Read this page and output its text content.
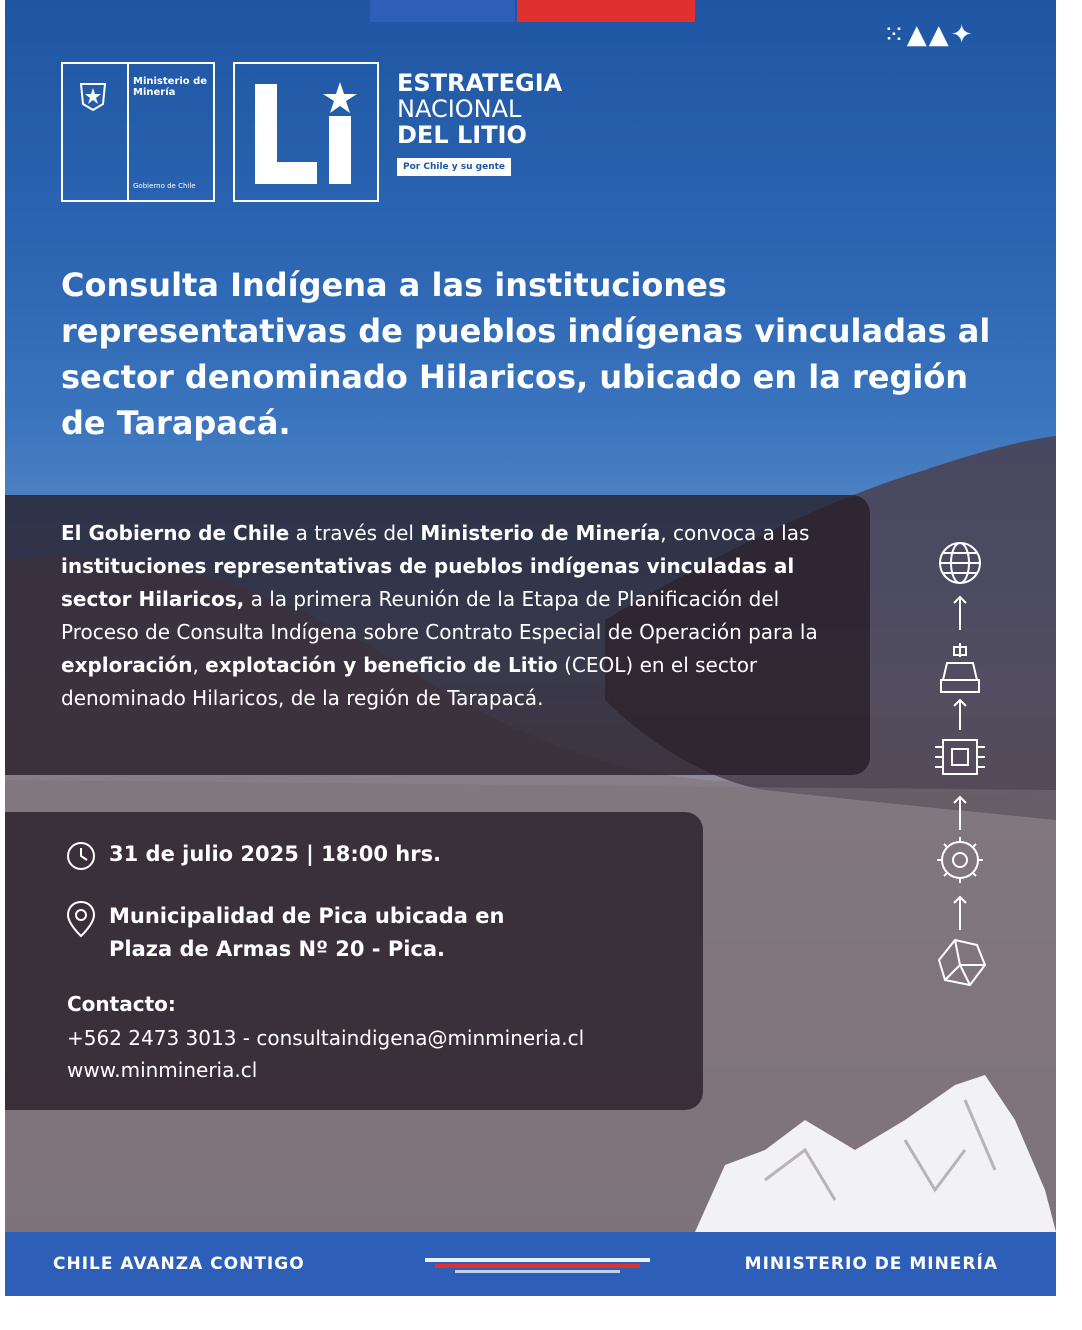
⁙▲▲✦
Ministerio de Minería
Gobierno de Chile
ESTRATEGIA
NACIONAL
DEL LITIO
Por Chile y su gente
Consulta Indígena a las instituciones representativas de pueblos indígenas vinculadas al sector denominado Hilaricos, ubicado en la región de Tarapacá.
El Gobierno de Chile a través del Ministerio de Minería, convoca a las instituciones representativas de pueblos indígenas vinculadas al sector Hilaricos, a la primera Reunión de la Etapa de Planificación del Proceso de Consulta Indígena sobre Contrato Especial de Operación para la exploración, explotación y beneficio de Litio (CEOL) en el sector denominado Hilaricos, de la región de Tarapacá.
31 de julio 2025 | 18:00 hrs.
Municipalidad de Pica ubicada en
Plaza de Armas Nº 20 - Pica.
Contacto:
+562 2473 3013 - consultaindigena@minmineria.cl
www.minmineria.cl
CHILE AVANZA CONTIGO	MINISTERIO DE MINERÍA
